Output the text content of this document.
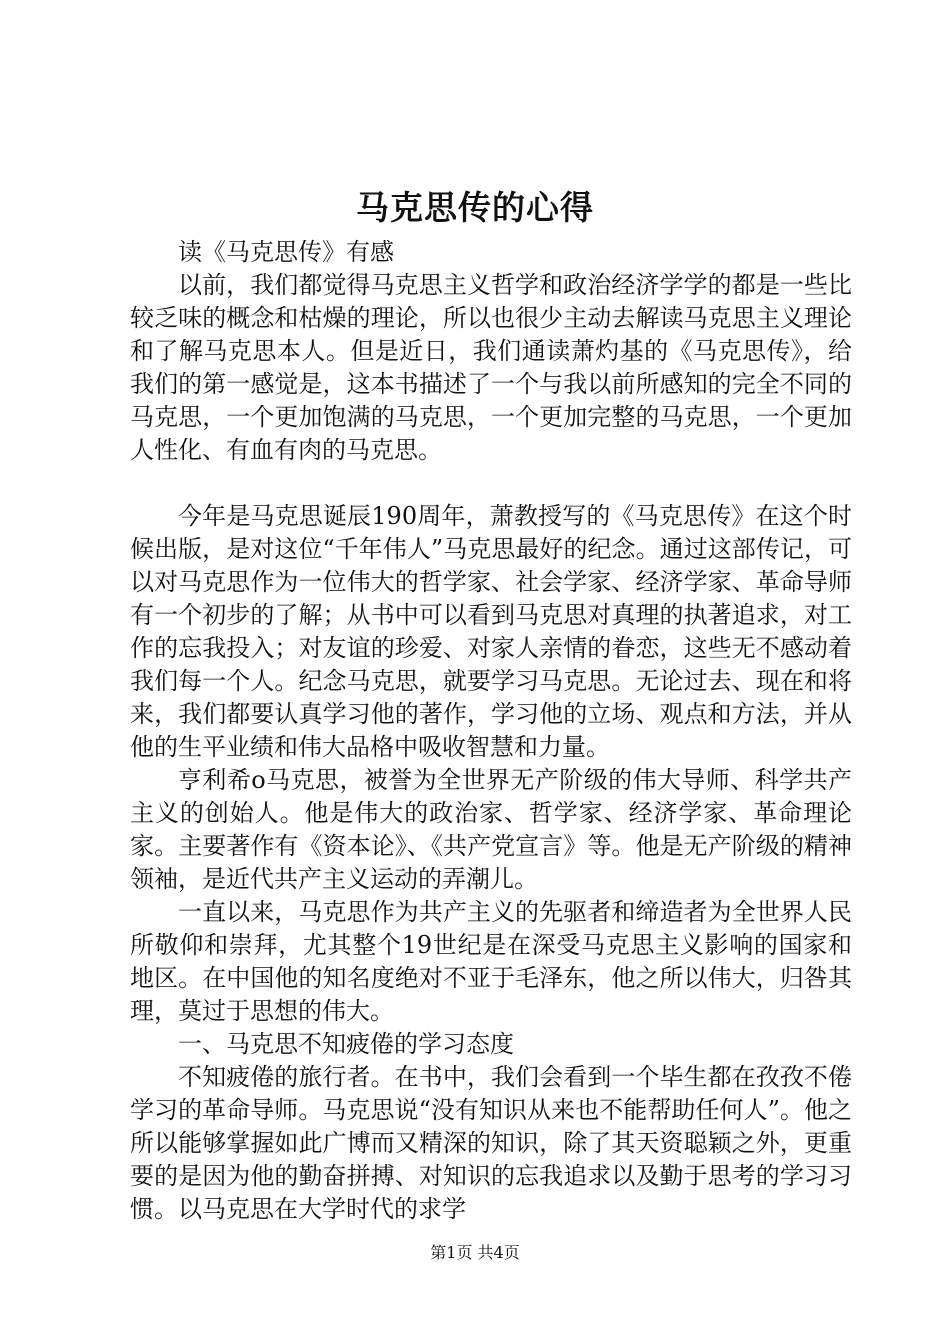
马克思传的心得

读《马克思传》有感

以前，我们都觉得马克思主义哲学和政治经济学学的都是一些比较乏味的概念和枯燥的理论，所以也很少主动去解读马克思主义理论和了解马克思本人。但是近日，我们通读萧灼基的《马克思传》，给我们的第一感觉是，这本书描述了一个与我以前所感知的完全不同的马克思，一个更加饱满的马克思，一个更加完整的马克思，一个更加人性化、有血有肉的马克思。

今年是马克思诞辰190周年，萧教授写的《马克思传》在这个时候出版，是对这位“千年伟人”马克思最好的纪念。通过这部传记，可以对马克思作为一位伟大的哲学家、社会学家、经济学家、革命导师有一个初步的了解；从书中可以看到马克思对真理的执著追求，对工作的忘我投入；对友谊的珍爱、对家人亲情的眷恋，这些无不感动着我们每一个人。纪念马克思，就要学习马克思。无论过去、现在和将来，我们都要认真学习他的著作，学习他的立场、观点和方法，并从他的生平业绩和伟大品格中吸收智慧和力量。

亨利希ο马克思，被誉为全世界无产阶级的伟大导师、科学共产主义的创始人。他是伟大的政治家、哲学家、经济学家、革命理论家。主要著作有《资本论》、《共产党宣言》等。他是无产阶级的精神领袖，是近代共产主义运动的弄潮儿。

一直以来，马克思作为共产主义的先驱者和缔造者为全世界人民所敬仰和崇拜，尤其整个19世纪是在深受马克思主义影响的国家和地区。在中国他的知名度绝对不亚于毛泽东，他之所以伟大，归咎其理，莫过于思想的伟大。

一、马克思不知疲倦的学习态度

不知疲倦的旅行者。在书中，我们会看到一个毕生都在孜孜不倦学习的革命导师。马克思说“没有知识从来也不能帮助任何人”。他之所以能够掌握如此广博而又精深的知识，除了其天资聪颖之外，更重要的是因为他的勤奋拼搏、对知识的忘我追求以及勤于思考的学习习惯。以马克思在大学时代的求学

第1页 共4页
